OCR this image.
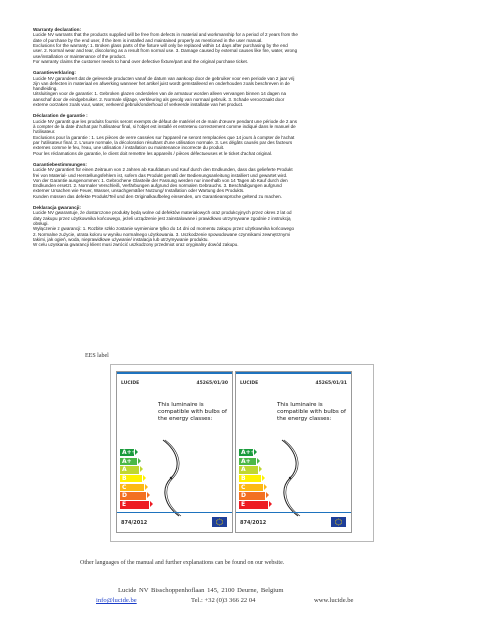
Warranty declaration:

Lucide NV warrants that the products supplied will be free from defects in material and workmanship for a period of 2 years from the

date of purchase by the end user, if the item is installed and maintained properly as mentioned in the user manual.

Exclusions for the warranty: 1. Broken glass parts of the fixture will only be replaced within 14 days after purchasing by the end

user. 2. Normal wear and tear, discoloring as a result from normal use. 3. Damage caused by external causes like fire, water, wrong

use/installation or maintenance of the product.

For warranty claims the customer needs to hand over defective fixture/part and the original purchase ticket.

Garantieverklaring:

Lucide NV garandeert dat de geleverde producten vanaf de datum van aankoop door de gebruiker voor een periode van 2 jaar vrij

zijn van defecten in materiaal en afwerking wanneer het artikel juist wordt geïnstalleerd en onderhouden zoals beschreven in de

handleiding.

Uitsluitingen voor de garantie: 1. Gebroken glazen onderdelen van de armatuur worden alleen vervangen binnen 14 dagen na

aanschaf door de eindgebruiker. 2. Normale slijtage, verkleuring als gevolg van normaal gebruik. 3. Schade veroorzaakt door

externe oorzaken zoals vuur, water, verkeerd gebruik/onderhoud of verkeerde installatie van het product.

Déclaration de garantie :

Lucide NV garantit que les produits fournis seront exempts de défaut de matériel et de main d'œuvre pendant une période de 2 ans

à compter de la date d'achat par l'utilisateur final, si l'objet est installé et entretenu correctement comme indiqué dans le manuel de

l'utilisateur.

Exclusions pour la garantie : 1. Les pièces de verre cassées sur l'appareil ne seront remplacées que 14 jours à compter de l'achat

par l'utilisateur final. 2. L'usure normale, la décoloration résultant d'une utilisation normale. 3. Les dégâts causés par des facteurs

externes comme le feu, l'eau, une utilisation / installation ou maintenance incorrecte du produit.

Pour les réclamations de garantie, le client doit remettre les appareils / pièces défectueuses et le ticket d'achat original.

Garantiebestimmungen:

Lucide NV garantiert für einen Zeitraum von 2 Jahren ab Kaufdatum und Kauf durch den Endkunden, dass das gelieferte Produkt

frei von Material- und Herstellungsfehlern ist, sofern das Produkt gemäß der Bedienungsanleitung installiert und gewartet wird.

Von der Garantie ausgenommen: 1. Gebrochene Glasteile der Fassung werden nur innerhalb von 14 Tagen ab Kauf durch den

Endkunden ersetzt. 2. Normaler Verschleiß, Verfärbungen aufgrund des normalen Gebrauchs. 3. Beschädigungen aufgrund

externer Ursachen wie Feuer, Wasser, unsachgemäßer Nutzung/ Installation oder Wartung des Produkts.

Kunden müssen das defekte Produkt/Teil und den Originalkaufbeleg einsenden, um Garantieansprüche geltend zu machen.

Deklaracja gwarancji:

Lucide NV gwarantuje, że dostarczone produkty będą wolne od defektów materiałowych oraz produkcyjnych przez okres 2 lat od

daty zakupu przez użytkownika końcowego, jeżeli urządzenie jest zainstalowane i prawidłowo utrzymywane zgodnie z instrukcją

obsługi.

Wyłączenie z gwarancji: 1. Rozbite szkło zostanie wymienione tylko do 14 dni od momentu zakupu przez użytkownika końcowego

2. Normalne zużycie, utrata koloru w wyniku normalnego użytkowania. 3. Uszkodzenie spowodowane czynnikami zewnętrznymi

takimi, jak ogień, woda, nieprawidłowe używanie/ instalacja lub utrzymywanie produktu.

W celu uzyskania gwarancji klient musi zwrócić uszkodzony przedmiot oraz oryginalny dowód zakupu.

EES label
LUCIDE	45265/01/30
This luminaire is compatible with bulbs of the energy classes:
A++
A+
A
B
C
D
E
874/2012
LUCIDE	45265/01/31
This luminaire is compatible with bulbs of the energy classes:
A++
A+
A
B
C
D
E
874/2012
Other languages of the manual and further explanations can be found on our website.
Lucide NV Bisschoppenhoflaan 145, 2100 Deurne, Belgium
info@lucide.be	Tel.: +32 (0)3 366 22 04	www.lucide.be
